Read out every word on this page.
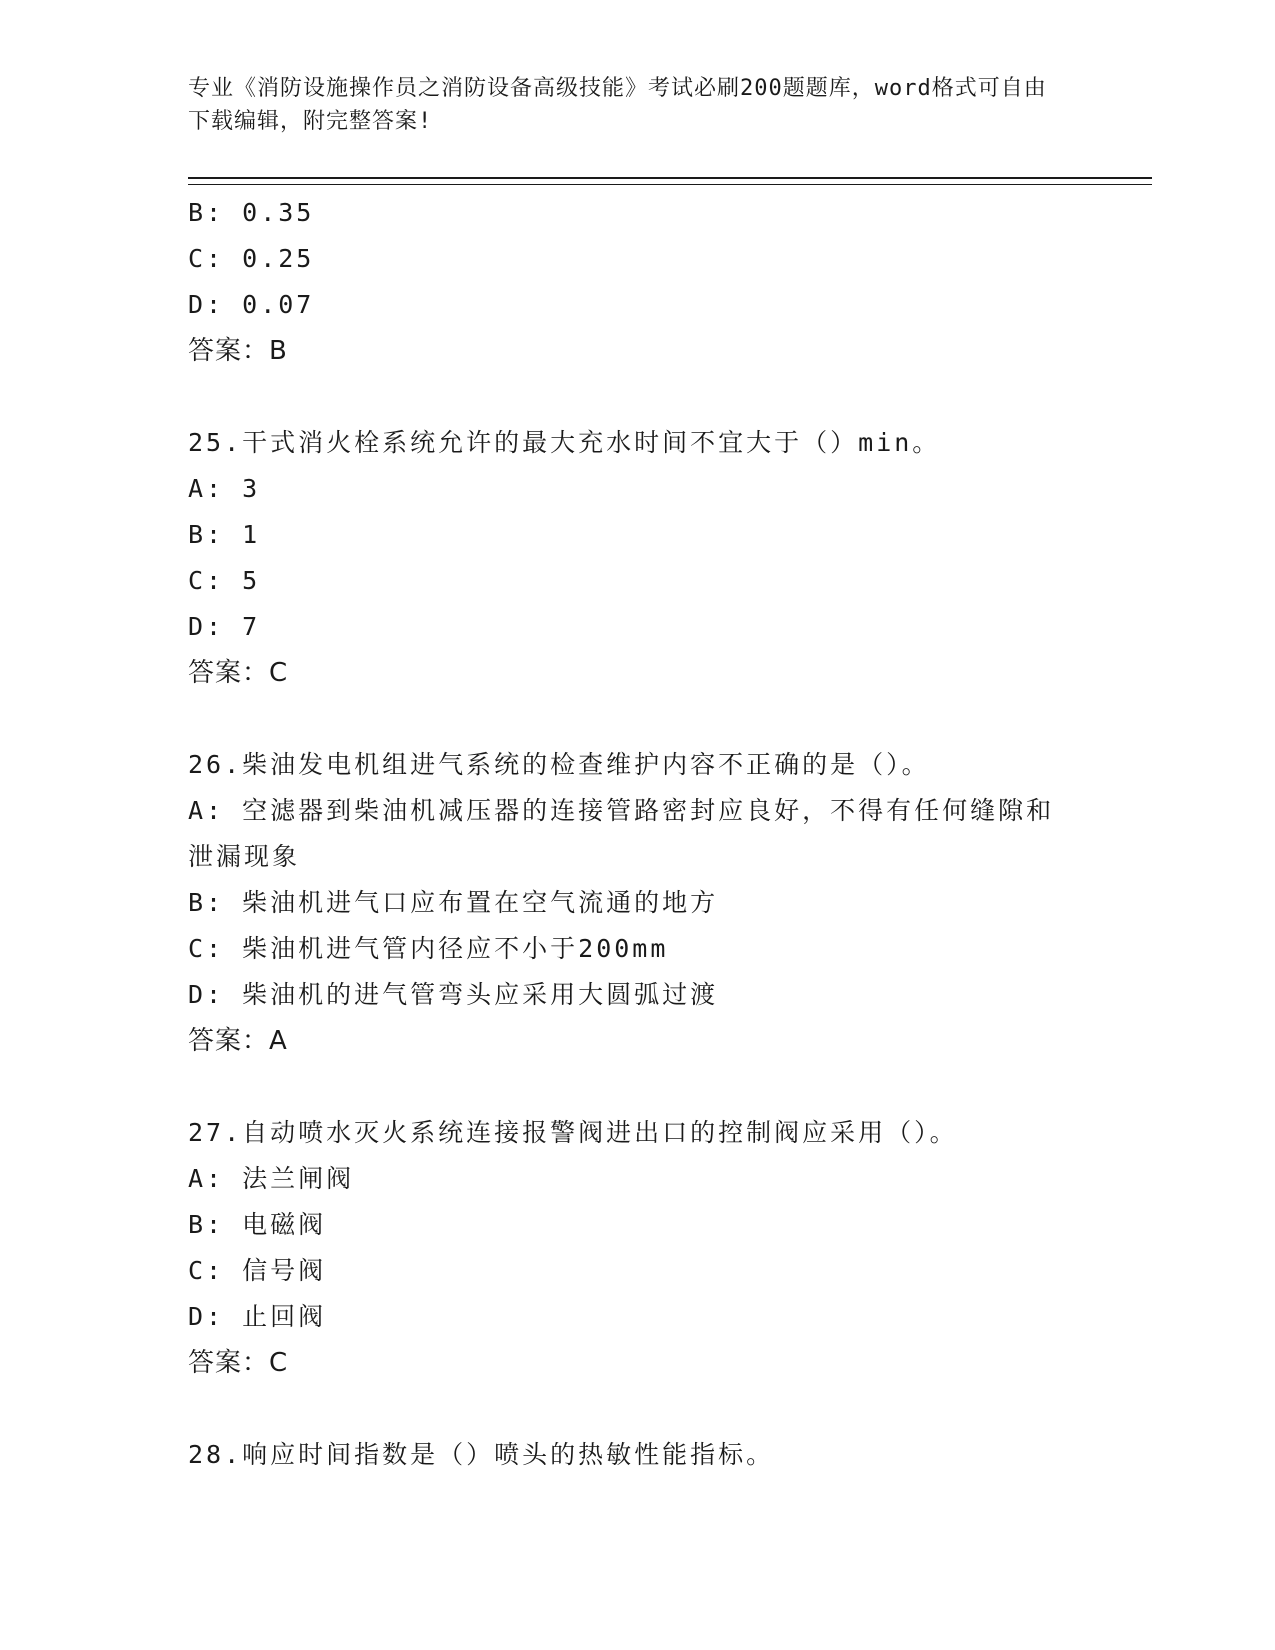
专业《消防设施操作员之消防设备高级技能》考试必刷200题题库，word格式可自由下载编辑，附完整答案!
B: 0.35
C: 0.25
D: 0.07
答案：B
25.干式消火栓系统允许的最大充水时间不宜大于（）min。
A: 3
B: 1
C: 5
D: 7
答案：C
26.柴油发电机组进气系统的检查维护内容不正确的是（）。
A: 空滤器到柴油机减压器的连接管路密封应良好，不得有任何缝隙和泄漏现象
B: 柴油机进气口应布置在空气流通的地方
C: 柴油机进气管内径应不小于200mm
D: 柴油机的进气管弯头应采用大圆弧过渡
答案：A
27.自动喷水灭火系统连接报警阀进出口的控制阀应采用（）。
A: 法兰闸阀
B: 电磁阀
C: 信号阀
D: 止回阀
答案：C
28.响应时间指数是（）喷头的热敏性能指标。
